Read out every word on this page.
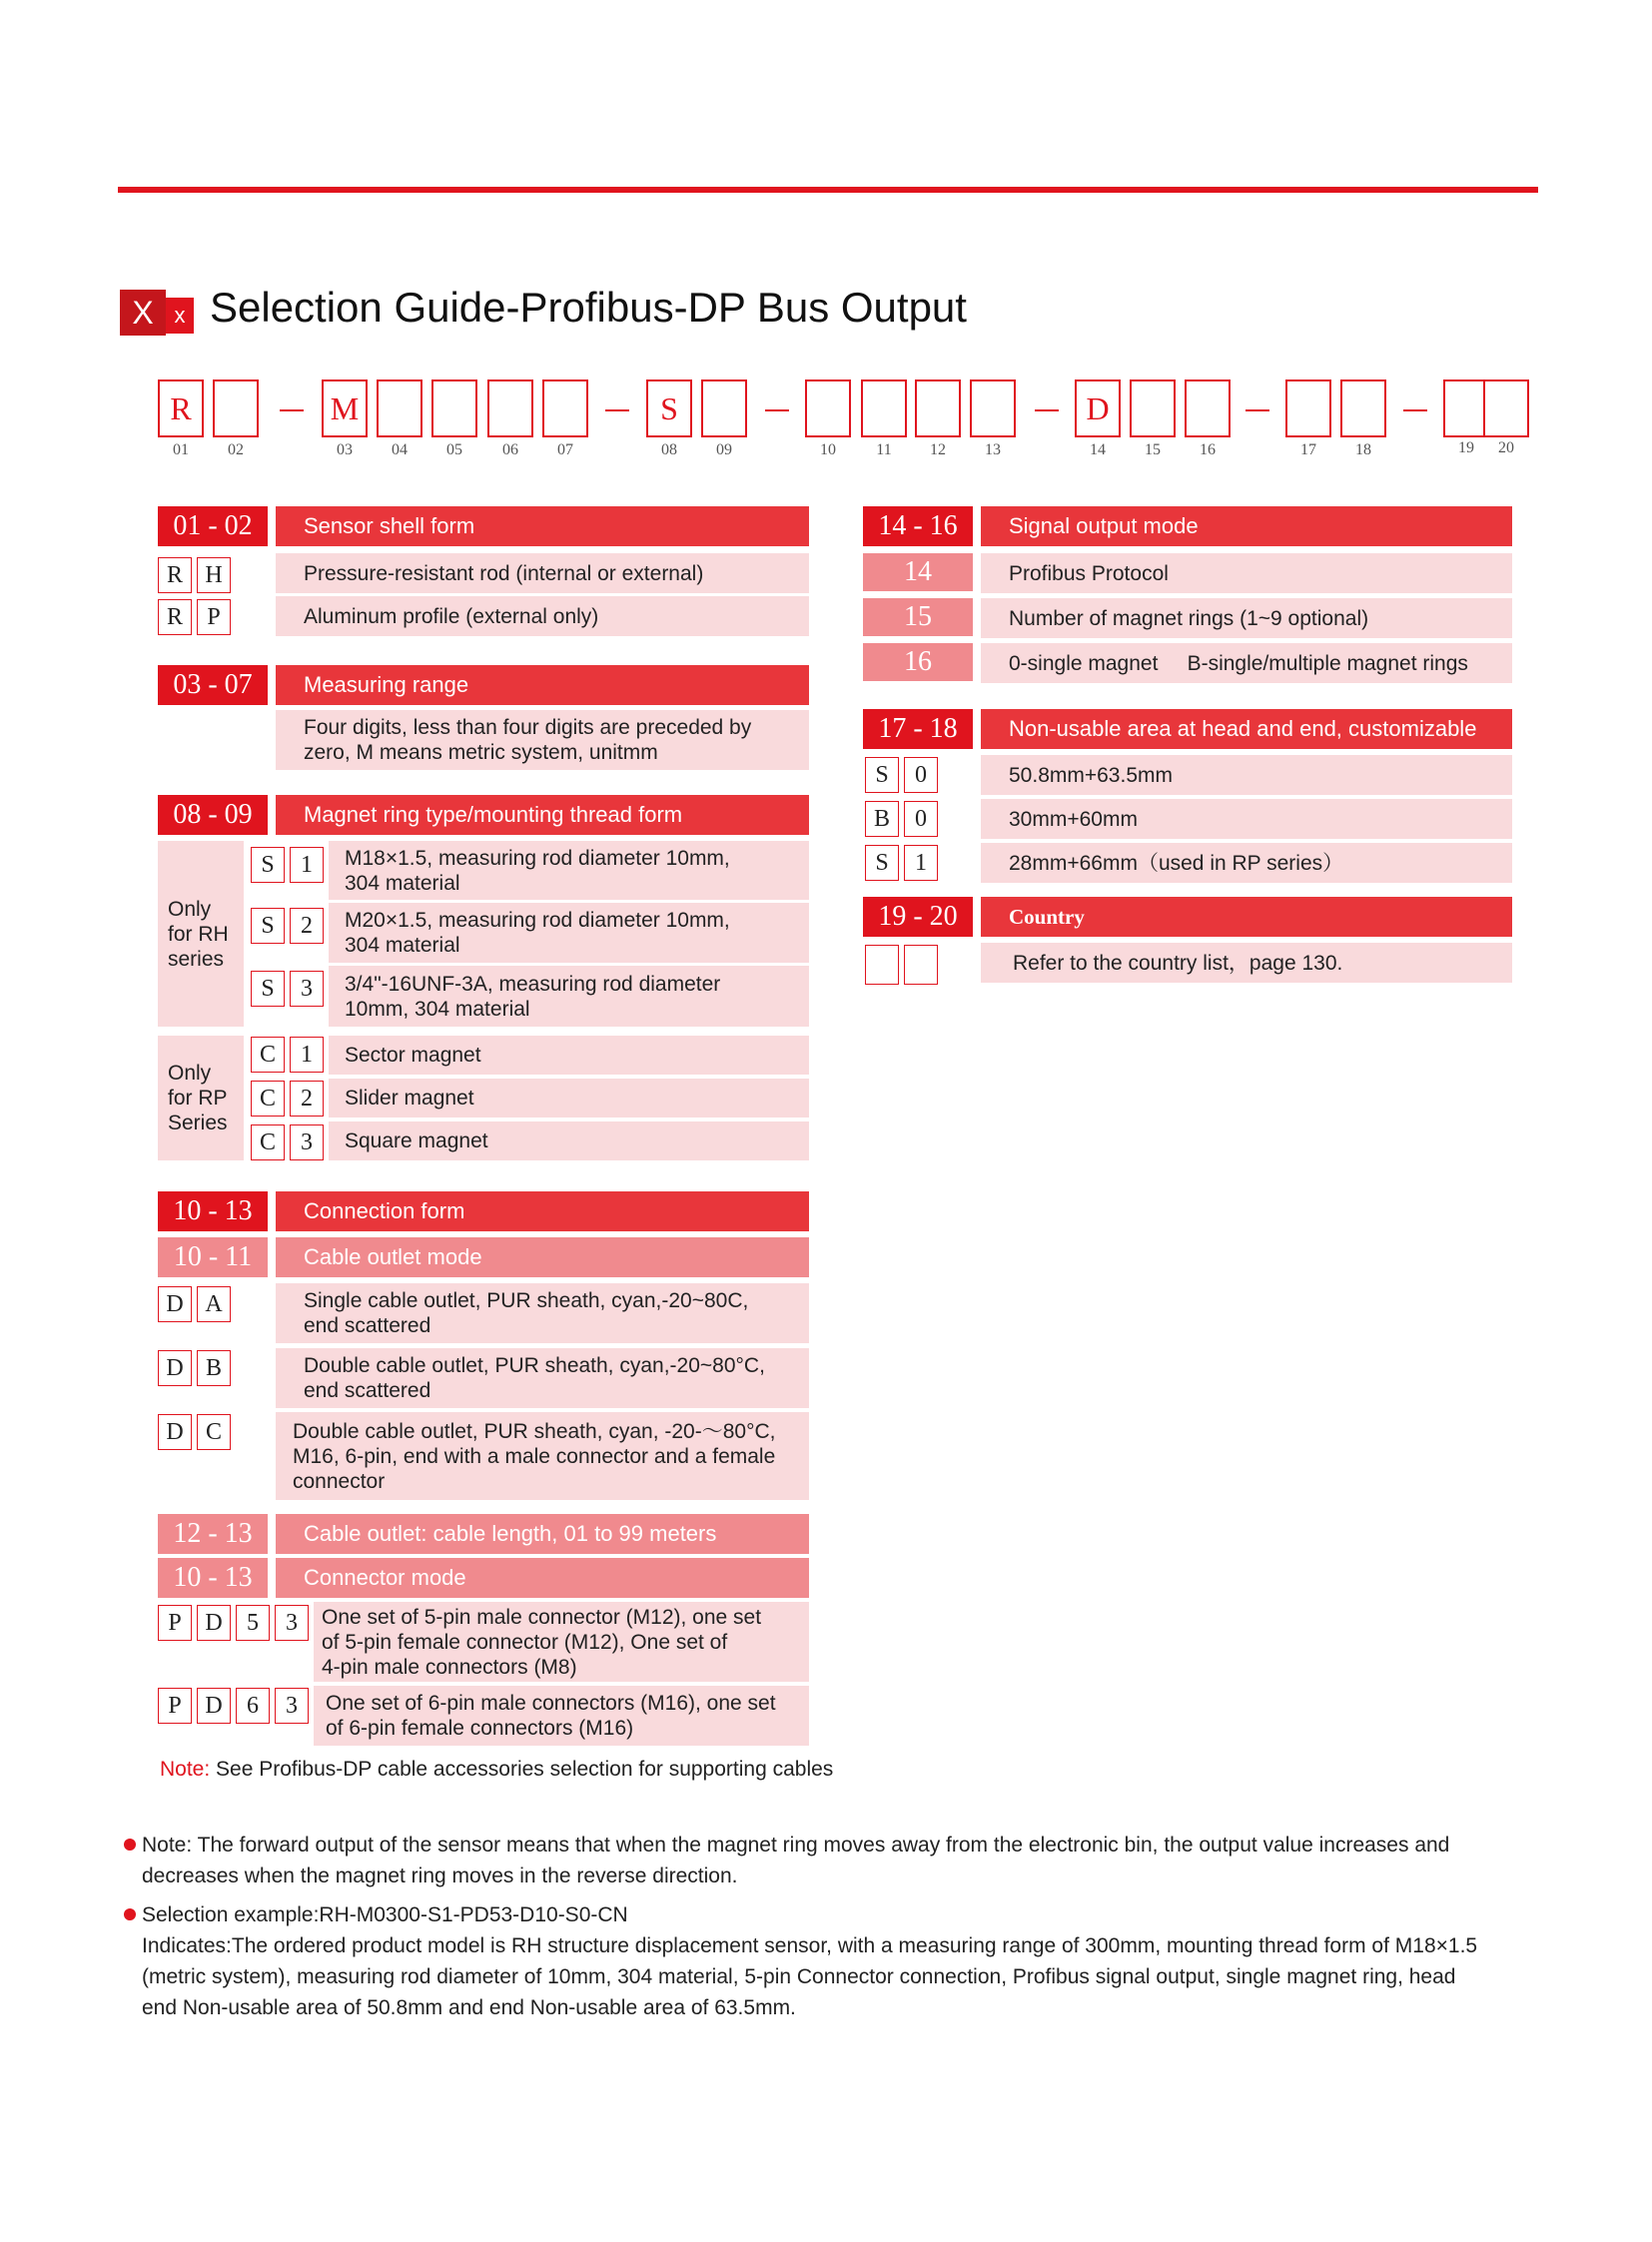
X x Selection Guide-Profibus-DP Bus Output
R
01	02
M
03	04	05	06	07
S
08	09	10	11	12	13
D
14	15	16	17	18	19	20
01 - 02	Sensor shell form
R H	Pressure-resistant rod (internal or external)
R	P	Aluminum profile (external only)
03 - 07	Measuring range
Four digits, less than four digits are preceded by
zero, M means metric system, unitmm
08 - 09	Magnet ring type/mounting thread form
Only
for RH
series
S	1	M18×1.5, measuring rod diameter 10mm,
304 material
S	2	M20×1.5, measuring rod diameter 10mm,
304 material
S	3	3/4"-16UNF-3A, measuring rod diameter
10mm, 304 material
Only
for RP
Series
C	1	Sector magnet
C	2	Slider magnet
C	3	Square magnet
10 - 13	Connection form
10 - 11	Cable outlet mode
D A	Single cable outlet, PUR sheath, cyan,-20~80C,
end scattered
D B	Double cable outlet, PUR sheath, cyan,-20~80°C,
end scattered
D C	Double cable outlet, PUR sheath, cyan, -20-～80°C,
M16, 6-pin, end with a male connector and a female
connector
12 - 13	Cable outlet: cable length, 01 to 99 meters
10 - 13	Connector mode
P D	5	3	One set of 5-pin male connector (M12), one set
of 5-pin female connector (M12), One set of
4-pin male connectors (M8)
P D	6	3	One set of 6-pin male connectors (M16), one set
of 6-pin female connectors (M16)
Note: See Profibus-DP cable accessories selection for supporting cables
14 - 16	Signal output mode
14	Profibus Protocol
15	Number of magnet rings (1~9 optional)
16	0-single magnet     B-single/multiple magnet rings
17 - 18	Non-usable area at head and end, customizable
S	0	50.8mm+63.5mm
B	0	30mm+60mm
S	1	28mm+66mm（used in RP series）
19 - 20	Country
Refer to the country list，page 130.
Note: The forward output of the sensor means that when the magnet ring moves away from the electronic bin, the output value increases and
decreases when the magnet ring moves in the reverse direction.
Selection example:RH-M0300-S1-PD53-D10-S0-CN
Indicates:The ordered product model is RH structure displacement sensor, with a measuring range of 300mm, mounting thread form of M18×1.5
(metric system), measuring rod diameter of 10mm, 304 material, 5-pin Connector connection, Profibus signal output, single magnet ring, head
end Non-usable area of 50.8mm and end Non-usable area of 63.5mm.
